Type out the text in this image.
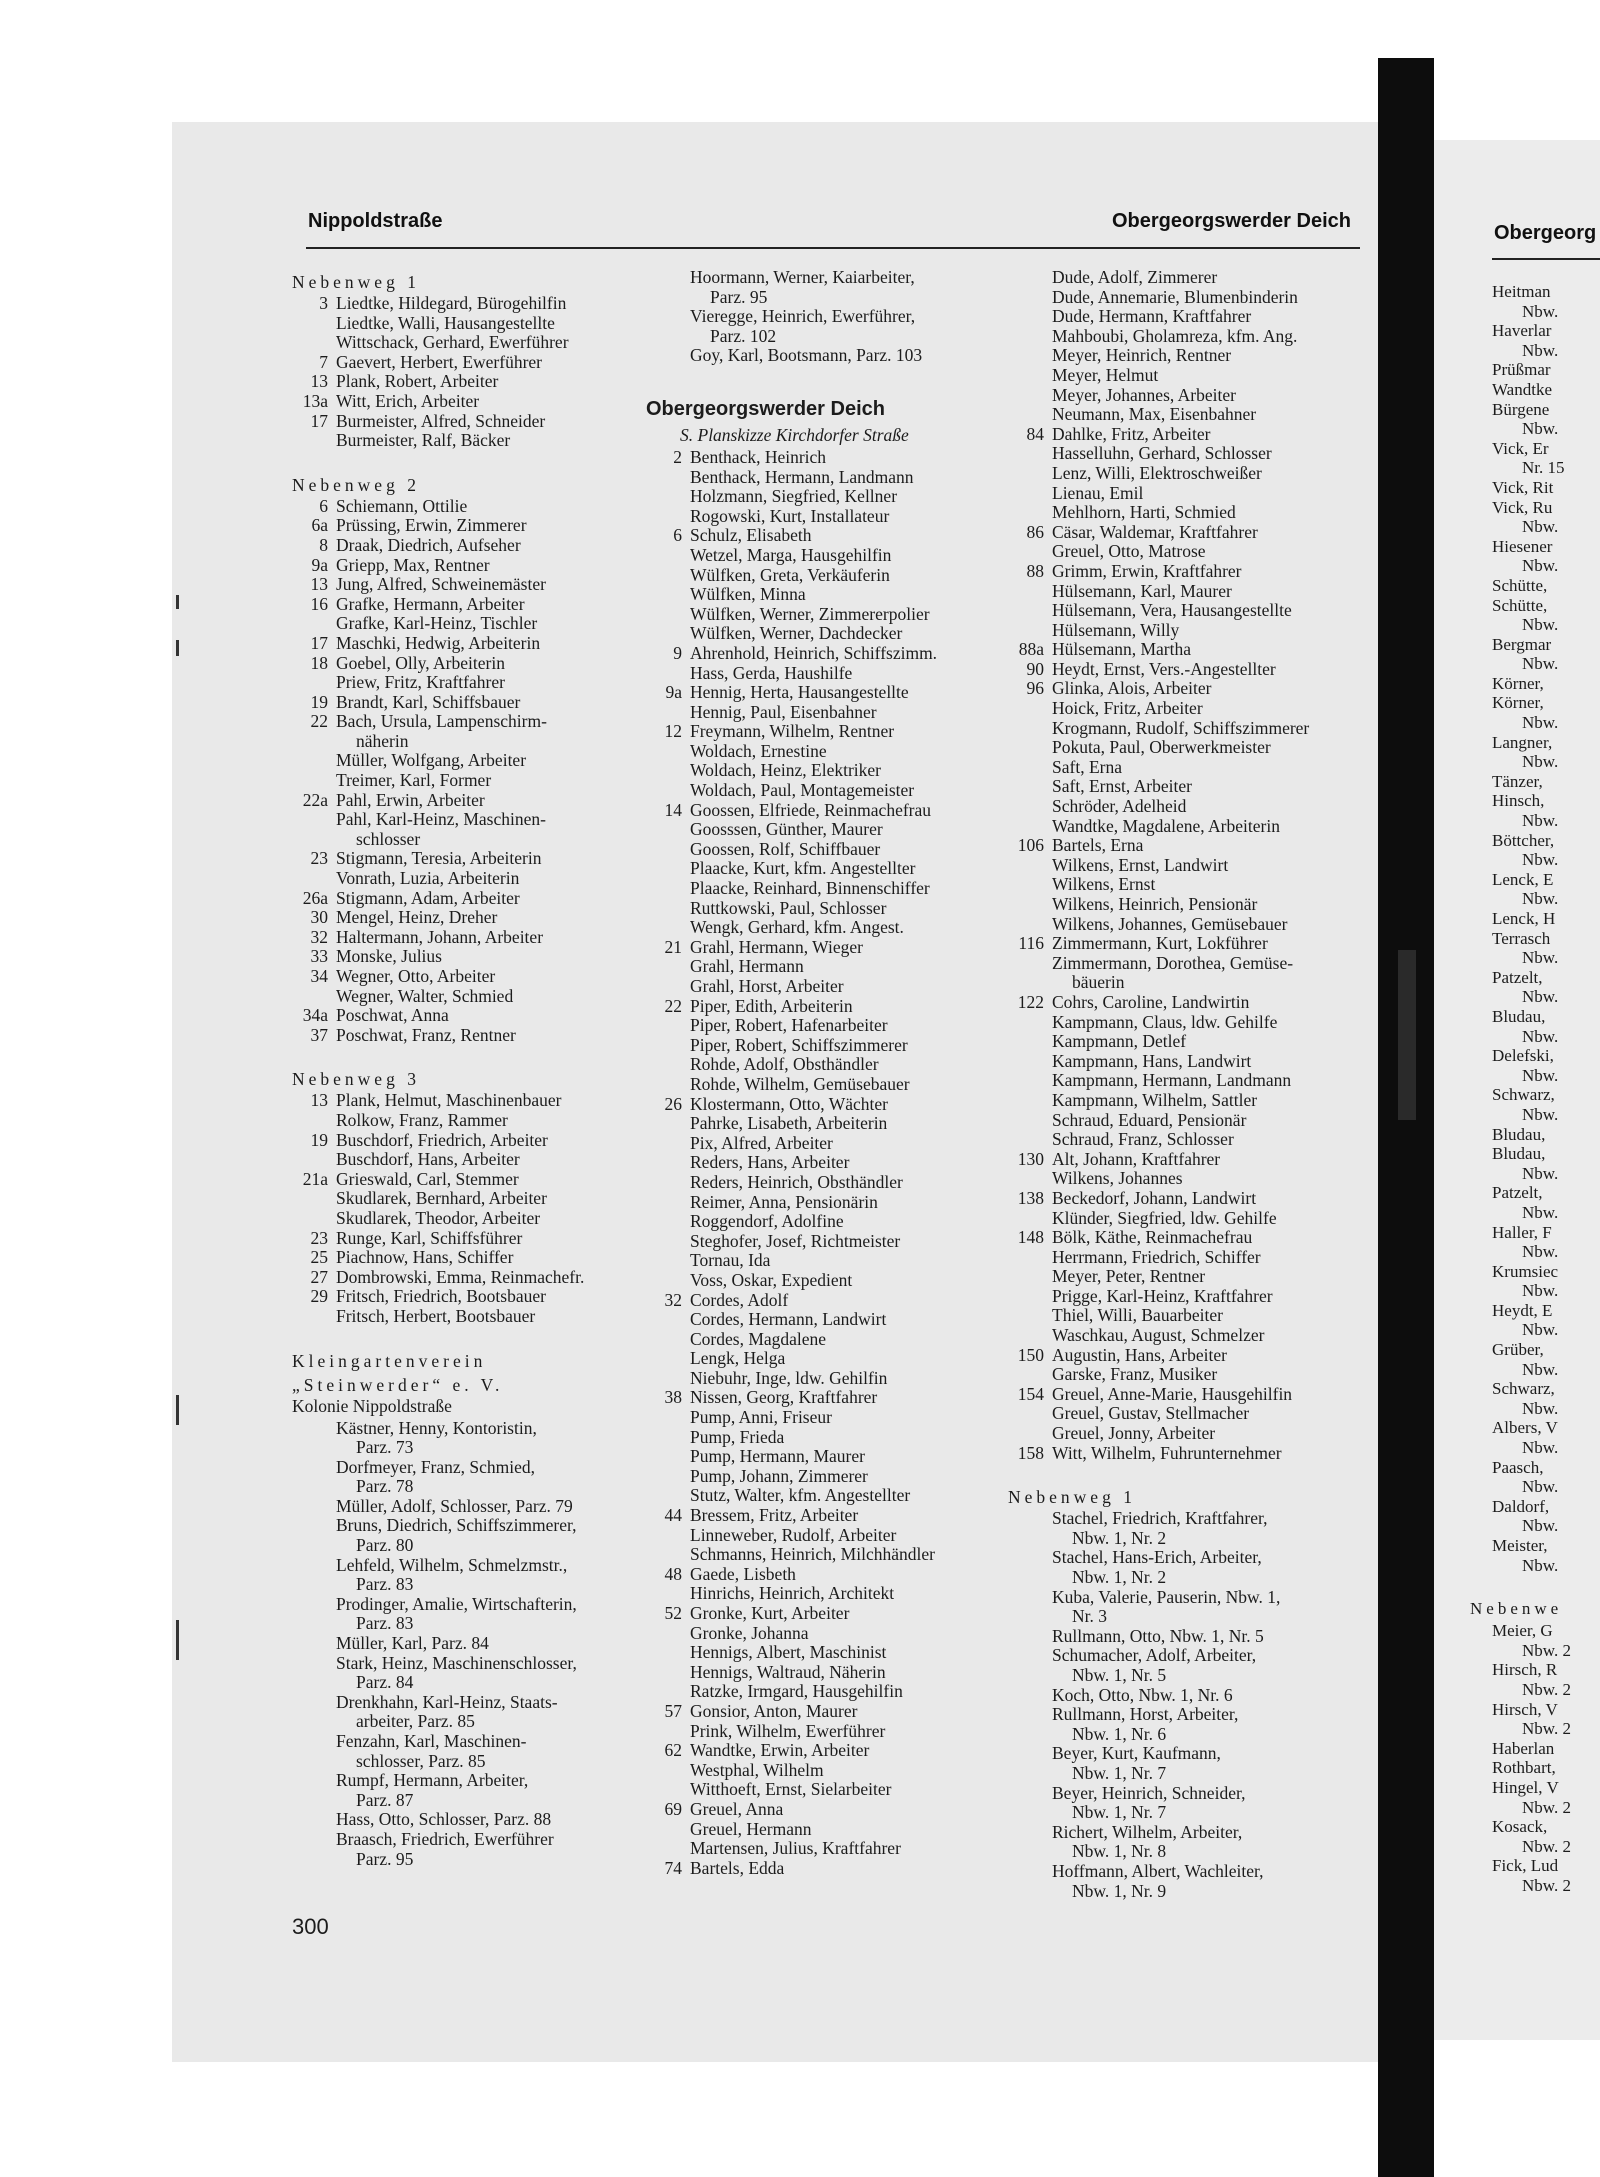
Nippoldstraße	Obergeorgswerder Deich
Obergeorg
Nebenweg 1
3 Liedtke, Hildegard, Bürogehilfin
Liedtke, Walli, Hausangestellte
Wittschack, Gerhard, Ewerführer
7 Gaevert, Herbert, Ewerführer
13 Plank, Robert, Arbeiter
13a Witt, Erich, Arbeiter
17 Burmeister, Alfred, Schneider
Burmeister, Ralf, Bäcker
Nebenweg 2
6 Schiemann, Ottilie
6a Prüssing, Erwin, Zimmerer
8 Draak, Diedrich, Aufseher
9a Griepp, Max, Rentner
13 Jung, Alfred, Schweinemäster
16 Grafke, Hermann, Arbeiter
Grafke, Karl-Heinz, Tischler
17 Maschki, Hedwig, Arbeiterin
18 Goebel, Olly, Arbeiterin
Priew, Fritz, Kraftfahrer
19 Brandt, Karl, Schiffsbauer
22 Bach, Ursula, Lampenschirm-
näherin
Müller, Wolfgang, Arbeiter
Treimer, Karl, Former
22a Pahl, Erwin, Arbeiter
Pahl, Karl-Heinz, Maschinen-
schlosser
23 Stigmann, Teresia, Arbeiterin
Vonrath, Luzia, Arbeiterin
26a Stigmann, Adam, Arbeiter
30 Mengel, Heinz, Dreher
32 Haltermann, Johann, Arbeiter
33 Monske, Julius
34 Wegner, Otto, Arbeiter
Wegner, Walter, Schmied
34a Poschwat, Anna
37 Poschwat, Franz, Rentner
Nebenweg 3
13 Plank, Helmut, Maschinenbauer
Rolkow, Franz, Rammer
19 Buschdorf, Friedrich, Arbeiter
Buschdorf, Hans, Arbeiter
21a Grieswald, Carl, Stemmer
Skudlarek, Bernhard, Arbeiter
Skudlarek, Theodor, Arbeiter
23 Runge, Karl, Schiffsführer
25 Piachnow, Hans, Schiffer
27 Dombrowski, Emma, Reinmachefr.
29 Fritsch, Friedrich, Bootsbauer
Fritsch, Herbert, Bootsbauer
Kleingartenverein
„Steinwerder“ e. V.
Kolonie Nippoldstraße
Kästner, Henny, Kontoristin,
Parz. 73
Dorfmeyer, Franz, Schmied,
Parz. 78
Müller, Adolf, Schlosser, Parz. 79
Bruns, Diedrich, Schiffszimmerer,
Parz. 80
Lehfeld, Wilhelm, Schmelzmstr.,
Parz. 83
Prodinger, Amalie, Wirtschafterin,
Parz. 83
Müller, Karl, Parz. 84
Stark, Heinz, Maschinenschlosser,
Parz. 84
Drenkhahn, Karl-Heinz, Staats-
arbeiter, Parz. 85
Fenzahn, Karl, Maschinen-
schlosser, Parz. 85
Rumpf, Hermann, Arbeiter,
Parz. 87
Hass, Otto, Schlosser, Parz. 88
Braasch, Friedrich, Ewerführer
Parz. 95
Hoormann, Werner, Kaiarbeiter,
Parz. 95
Vieregge, Heinrich, Ewerführer,
Parz. 102
Goy, Karl, Bootsmann, Parz. 103
Obergeorgswerder Deich
S. Planskizze Kirchdorfer Straße
2 Benthack, Heinrich
Benthack, Hermann, Landmann
Holzmann, Siegfried, Kellner
Rogowski, Kurt, Installateur
6 Schulz, Elisabeth
Wetzel, Marga, Hausgehilfin
Wülfken, Greta, Verkäuferin
Wülfken, Minna
Wülfken, Werner, Zimmererpolier
Wülfken, Werner, Dachdecker
9 Ahrenhold, Heinrich, Schiffszimm.
Hass, Gerda, Haushilfe
9a Hennig, Herta, Hausangestellte
Hennig, Paul, Eisenbahner
12 Freymann, Wilhelm, Rentner
Woldach, Ernestine
Woldach, Heinz, Elektriker
Woldach, Paul, Montagemeister
14 Goossen, Elfriede, Reinmachefrau
Goosssen, Günther, Maurer
Goossen, Rolf, Schiffbauer
Plaacke, Kurt, kfm. Angestellter
Plaacke, Reinhard, Binnenschiffer
Ruttkowski, Paul, Schlosser
Wengk, Gerhard, kfm. Angest.
21 Grahl, Hermann, Wieger
Grahl, Hermann
Grahl, Horst, Arbeiter
22 Piper, Edith, Arbeiterin
Piper, Robert, Hafenarbeiter
Piper, Robert, Schiffszimmerer
Rohde, Adolf, Obsthändler
Rohde, Wilhelm, Gemüsebauer
26 Klostermann, Otto, Wächter
Pahrke, Lisabeth, Arbeiterin
Pix, Alfred, Arbeiter
Reders, Hans, Arbeiter
Reders, Heinrich, Obsthändler
Reimer, Anna, Pensionärin
Roggendorf, Adolfine
Steghofer, Josef, Richtmeister
Tornau, Ida
Voss, Oskar, Expedient
32 Cordes, Adolf
Cordes, Hermann, Landwirt
Cordes, Magdalene
Lengk, Helga
Niebuhr, Inge, ldw. Gehilfin
38 Nissen, Georg, Kraftfahrer
Pump, Anni, Friseur
Pump, Frieda
Pump, Hermann, Maurer
Pump, Johann, Zimmerer
Stutz, Walter, kfm. Angestellter
44 Bressem, Fritz, Arbeiter
Linneweber, Rudolf, Arbeiter
Schmanns, Heinrich, Milchhändler
48 Gaede, Lisbeth
Hinrichs, Heinrich, Architekt
52 Gronke, Kurt, Arbeiter
Gronke, Johanna
Hennigs, Albert, Maschinist
Hennigs, Waltraud, Näherin
Ratzke, Irmgard, Hausgehilfin
57 Gonsior, Anton, Maurer
Prink, Wilhelm, Ewerführer
62 Wandtke, Erwin, Arbeiter
Westphal, Wilhelm
Witthoeft, Ernst, Sielarbeiter
69 Greuel, Anna
Greuel, Hermann
Martensen, Julius, Kraftfahrer
74 Bartels, Edda
Dude, Adolf, Zimmerer
Dude, Annemarie, Blumenbinderin
Dude, Hermann, Kraftfahrer
Mahboubi, Gholamreza, kfm. Ang.
Meyer, Heinrich, Rentner
Meyer, Helmut
Meyer, Johannes, Arbeiter
Neumann, Max, Eisenbahner
84 Dahlke, Fritz, Arbeiter
Hasselluhn, Gerhard, Schlosser
Lenz, Willi, Elektroschweißer
Lienau, Emil
Mehlhorn, Harti, Schmied
86 Cäsar, Waldemar, Kraftfahrer
Greuel, Otto, Matrose
88 Grimm, Erwin, Kraftfahrer
Hülsemann, Karl, Maurer
Hülsemann, Vera, Hausangestellte
Hülsemann, Willy
88a Hülsemann, Martha
90 Heydt, Ernst, Vers.-Angestellter
96 Glinka, Alois, Arbeiter
Hoick, Fritz, Arbeiter
Krogmann, Rudolf, Schiffszimmerer
Pokuta, Paul, Oberwerkmeister
Saft, Erna
Saft, Ernst, Arbeiter
Schröder, Adelheid
Wandtke, Magdalene, Arbeiterin
106 Bartels, Erna
Wilkens, Ernst, Landwirt
Wilkens, Ernst
Wilkens, Heinrich, Pensionär
Wilkens, Johannes, Gemüsebauer
116 Zimmermann, Kurt, Lokführer
Zimmermann, Dorothea, Gemüse-
bäuerin
122 Cohrs, Caroline, Landwirtin
Kampmann, Claus, ldw. Gehilfe
Kampmann, Detlef
Kampmann, Hans, Landwirt
Kampmann, Hermann, Landmann
Kampmann, Wilhelm, Sattler
Schraud, Eduard, Pensionär
Schraud, Franz, Schlosser
130 Alt, Johann, Kraftfahrer
Wilkens, Johannes
138 Beckedorf, Johann, Landwirt
Klünder, Siegfried, ldw. Gehilfe
148 Bölk, Käthe, Reinmachefrau
Herrmann, Friedrich, Schiffer
Meyer, Peter, Rentner
Prigge, Karl-Heinz, Kraftfahrer
Thiel, Willi, Bauarbeiter
Waschkau, August, Schmelzer
150 Augustin, Hans, Arbeiter
Garske, Franz, Musiker
154 Greuel, Anne-Marie, Hausgehilfin
Greuel, Gustav, Stellmacher
Greuel, Jonny, Arbeiter
158 Witt, Wilhelm, Fuhrunternehmer
Nebenweg 1
Stachel, Friedrich, Kraftfahrer,
Nbw. 1, Nr. 2
Stachel, Hans-Erich, Arbeiter,
Nbw. 1, Nr. 2
Kuba, Valerie, Pauserin, Nbw. 1,
Nr. 3
Rullmann, Otto, Nbw. 1, Nr. 5
Schumacher, Adolf, Arbeiter,
Nbw. 1, Nr. 5
Koch, Otto, Nbw. 1, Nr. 6
Rullmann, Horst, Arbeiter,
Nbw. 1, Nr. 6
Beyer, Kurt, Kaufmann,
Nbw. 1, Nr. 7
Beyer, Heinrich, Schneider,
Nbw. 1, Nr. 7
Richert, Wilhelm, Arbeiter,
Nbw. 1, Nr. 8
Hoffmann, Albert, Wachleiter,
Nbw. 1, Nr. 9
Heitman
Nbw.
Haverlar
Nbw.
Prüßmar
Wandtke
Bürgene
Nbw.
Vick, Er
Nr. 15
Vick, Rit
Vick, Ru
Nbw.
Hiesener
Nbw.
Schütte,
Schütte,
Nbw.
Bergmar
Nbw.
Körner,
Körner,
Nbw.
Langner,
Nbw.
Tänzer,
Hinsch,
Nbw.
Böttcher,
Nbw.
Lenck, E
Nbw.
Lenck, H
Terrasch
Nbw.
Patzelt,
Nbw.
Bludau,
Nbw.
Delefski,
Nbw.
Schwarz,
Nbw.
Bludau,
Bludau,
Nbw.
Patzelt,
Nbw.
Haller, F
Nbw.
Krumsiec
Nbw.
Heydt, E
Nbw.
Grüber,
Nbw.
Schwarz,
Nbw.
Albers, V
Nbw.
Paasch,
Nbw.
Daldorf,
Nbw.
Meister,
Nbw.
Nebenwe
Meier, G
Nbw. 2
Hirsch, R
Nbw. 2
Hirsch, V
Nbw. 2
Haberlan
Rothbart,
Hingel, V
Nbw. 2
Kosack,
Nbw. 2
Fick, Lud
Nbw. 2
300
